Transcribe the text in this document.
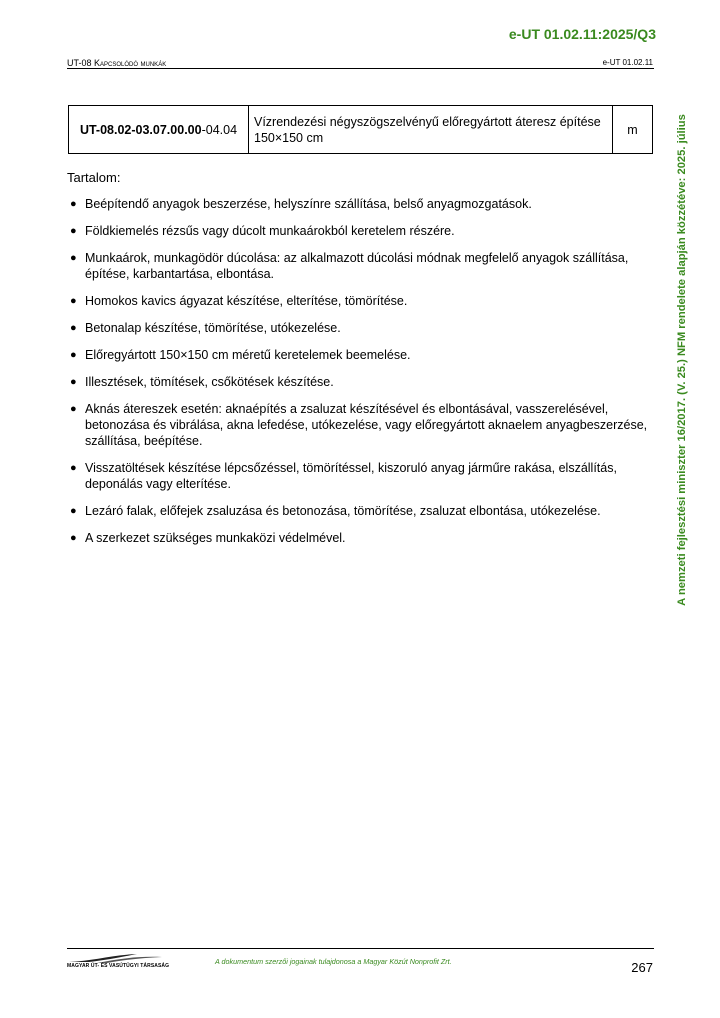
e-UT 01.02.11:2025/Q3
UT-08 Kapcsolódó munkák	e-UT 01.02.11
A nemzeti fejlesztési miniszter 16/2017. (V. 25.) NFM rendelete alapján közzétéve: 2025. július
UT-08.02-03.07.00.00-04.04	Vízrendezési négyszögszelvényű előregyártott áteresz építése 150×150 cm	m
Tartalom:
● Beépítendő anyagok beszerzése, helyszínre szállítása, belső anyagmozgatások.
● Földkiemelés rézsűs vagy dúcolt munkaárokból keretelem részére.
● Munkaárok, munkagödör dúcolása: az alkalmazott dúcolási módnak megfelelő anyagok szállítása, építése, karbantartása, elbontása.
● Homokos kavics ágyazat készítése, elterítése, tömörítése.
● Betonalap készítése, tömörítése, utókezelése.
● Előregyártott 150×150 cm méretű keretelemek beemelése.
● Illesztések, tömítések, csőkötések készítése.
● Aknás átereszek esetén: aknaépítés a zsaluzat készítésével és elbontásával, vasszerelésével, betonozása és vibrálása, akna lefedése, utókezelése, vagy előregyártott aknaelem anyagbeszerzése, szállítása, beépítése.
● Visszatöltések készítése lépcsőzéssel, tömörítéssel, kiszoruló anyag járműre rakása, elszállítás, deponálás vagy elterítése.
● Lezáró falak, előfejek zsaluzása és betonozása, tömörítése, zsaluzat elbontása, utókezelése.
● A szerkezet szükséges munkaközi védelmével.
MAGYAR ÚT- ÉS VASÚTÜGYI TÁRSASÁG	A dokumentum szerzői jogainak tulajdonosa a Magyar Közút Nonprofit Zrt.	267
